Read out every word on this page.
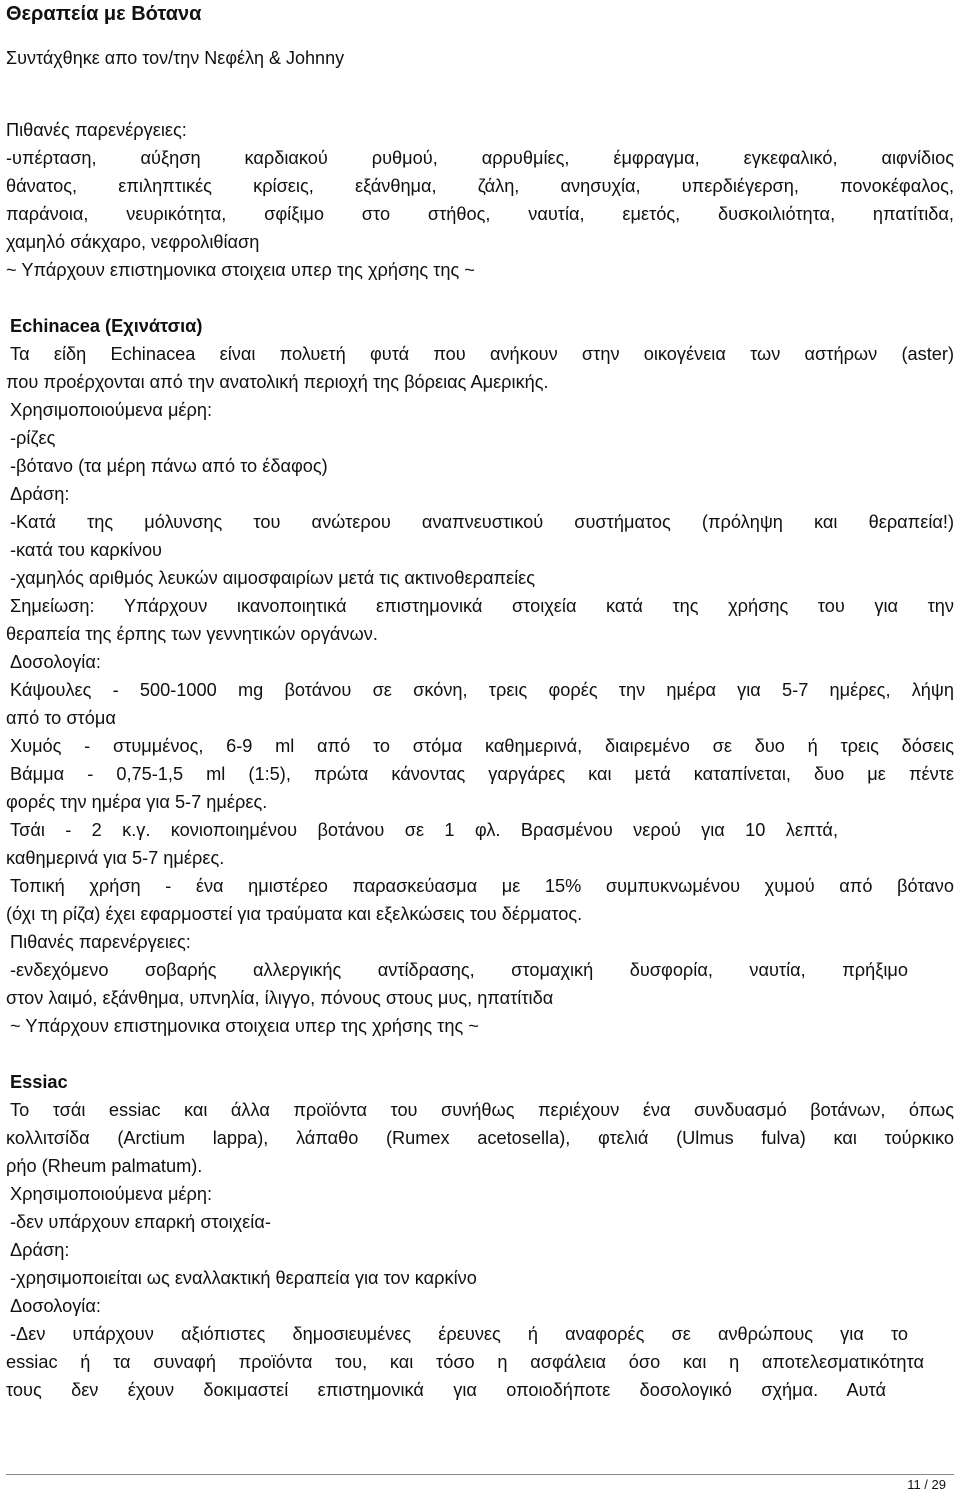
Θεραπεία με Βότανα
Συντάχθηκε απο τον/την Νεφέλη & Johnny
Πιθανές παρενέργειες:
-υπέρταση, αύξηση καρδιακού ρυθμού, αρρυθμίες, έμφραγμα, εγκεφαλικό, αιφνίδιος
θάνατος, επιληπτικές κρίσεις, εξάνθημα, ζάλη, ανησυχία, υπερδιέγερση, πονοκέφαλος,
παράνοια, νευρικότητα, σφίξιμο στο στήθος, ναυτία, εμετός, δυσκοιλιότητα, ηπατίτιδα,
χαμηλό σάκχαρο, νεφρολιθίαση
~ Υπάρχουν επιστημονικα στοιχεια υπερ της χρήσης της ~
Echinacea (Εχινάτσια)
Τα είδη Echinacea είναι πολυετή φυτά που ανήκουν στην οικογένεια των αστήρων (aster)
που προέρχονται από την ανατολική περιοχή της βόρειας Αμερικής.
Χρησιμοποιούμενα μέρη:
-ρίζες
-βότανο (τα μέρη πάνω από το έδαφος)
Δράση:
-Κατά της μόλυνσης του ανώτερου αναπνευστικού συστήματος (πρόληψη και θεραπεία!)
-κατά του καρκίνου
-χαμηλός αριθμός λευκών αιμοσφαιρίων μετά τις ακτινοθεραπείες
Σημείωση: Υπάρχουν ικανοποιητικά επιστημονικά στοιχεία κατά της χρήσης του για την
θεραπεία της έρπης των γεννητικών οργάνων.
Δοσολογία:
Κάψουλες - 500-1000 mg βοτάνου σε σκόνη, τρεις φορές την ημέρα για 5-7 ημέρες, λήψη
από το στόμα
Χυμός - στυμμένος, 6-9 ml από το στόμα καθημερινά, διαιρεμένο σε δυο ή τρεις δόσεις
Βάμμα - 0,75-1,5 ml (1:5), πρώτα κάνοντας γαργάρες και μετά καταπίνεται, δυο με πέντε
φορές την ημέρα για 5-7 ημέρες.
Τσάι - 2 κ.γ. κονιοποιημένου βοτάνου σε 1 φλ. Βρασμένου νερού για 10 λεπτά,
καθημερινά για 5-7 ημέρες.
Τοπική χρήση - ένα ημιστέρεο παρασκεύασμα με 15% συμπυκνωμένου χυμού από βότανο
(όχι τη ρίζα) έχει εφαρμοστεί για τραύματα και εξελκώσεις του δέρματος.
Πιθανές παρενέργειες:
-ενδεχόμενο σοβαρής αλλεργικής αντίδρασης, στομαχική δυσφορία, ναυτία, πρήξιμο
στον λαιμό, εξάνθημα, υπνηλία, ίλιγγο, πόνους στους μυς, ηπατίτιδα
~ Υπάρχουν επιστημονικα στοιχεια υπερ της χρήσης της ~
Essiac
Το τσάι essiac και άλλα προϊόντα του συνήθως περιέχουν ένα συνδυασμό βοτάνων, όπως
κολλιτσίδα (Arctium lappa), λάπαθο (Rumex acetosella), φτελιά (Ulmus fulva) και τούρκικο
ρήο (Rheum palmatum).
Χρησιμοποιούμενα μέρη:
-δεν υπάρχουν επαρκή στοιχεία-
Δράση:
-χρησιμοποιείται ως εναλλακτική θεραπεία για τον καρκίνο
Δοσολογία:
-Δεν υπάρχουν αξιόπιστες δημοσιευμένες έρευνες ή αναφορές σε ανθρώπους για το
essiac ή τα συναφή προϊόντα του, και τόσο η ασφάλεια όσο και η αποτελεσματικότητα
τους δεν έχουν δοκιμαστεί επιστημονικά για οποιοδήποτε δοσολογικό σχήμα. Αυτά
11 / 29
